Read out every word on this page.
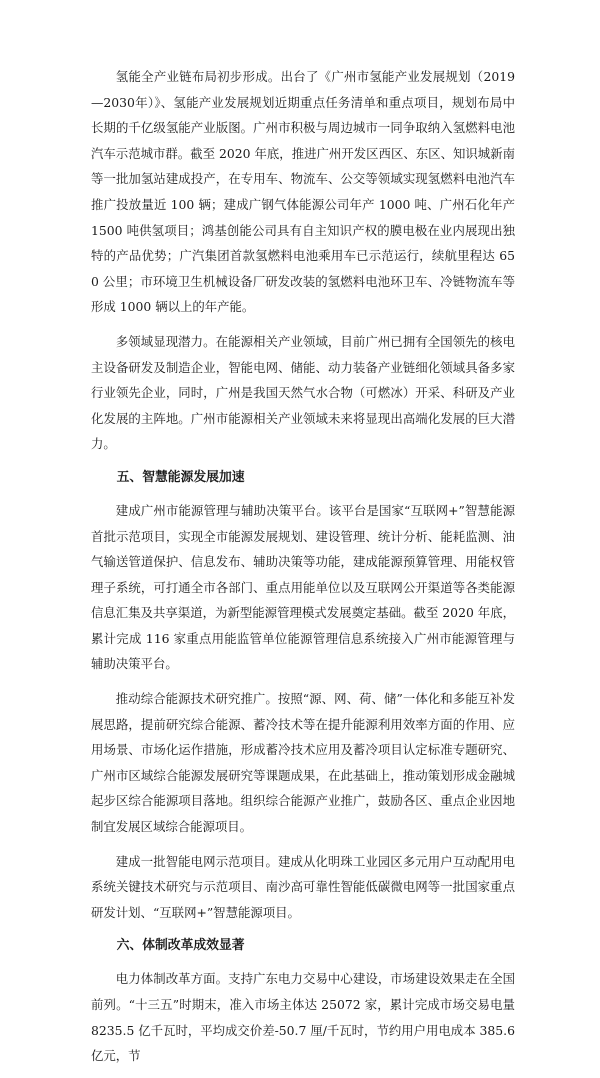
氢能全产业链布局初步形成。出台了《广州市氢能产业发展规划（2019—2030年）》、氢能产业发展规划近期重点任务清单和重点项目，规划布局中长期的千亿级氢能产业版图。广州市积极与周边城市一同争取纳入氢燃料电池汽车示范城市群。截至 2020 年底，推进广州开发区西区、东区、知识城新南等一批加氢站建成投产，在专用车、物流车、公交等领域实现氢燃料电池汽车推广投放量近 100 辆；建成广钢气体能源公司年产 1000 吨、广州石化年产 1500 吨供氢项目；鸿基创能公司具有自主知识产权的膜电极在业内展现出独特的产品优势；广汽集团首款氢燃料电池乘用车已示范运行，续航里程达 650 公里；市环境卫生机械设备厂研发改装的氢燃料电池环卫车、冷链物流车等形成 1000 辆以上的年产能。

多领域显现潜力。在能源相关产业领域，目前广州已拥有全国领先的核电主设备研发及制造企业，智能电网、储能、动力装备产业链细化领域具备多家行业领先企业，同时，广州是我国天然气水合物（可燃冰）开采、科研及产业化发展的主阵地。广州市能源相关产业领域未来将显现出高端化发展的巨大潜力。

五、智慧能源发展加速

建成广州市能源管理与辅助决策平台。该平台是国家“互联网+”智慧能源首批示范项目，实现全市能源发展规划、建设管理、统计分析、能耗监测、油气输送管道保护、信息发布、辅助决策等功能，建成能源预算管理、用能权管理子系统，可打通全市各部门、重点用能单位以及互联网公开渠道等各类能源信息汇集及共享渠道，为新型能源管理模式发展奠定基础。截至 2020 年底，累计完成 116 家重点用能监管单位能源管理信息系统接入广州市能源管理与辅助决策平台。

推动综合能源技术研究推广。按照“源、网、荷、储”一体化和多能互补发展思路，提前研究综合能源、蓄冷技术等在提升能源利用效率方面的作用、应用场景、市场化运作措施，形成蓄冷技术应用及蓄冷项目认定标准专题研究、广州市区域综合能源发展研究等课题成果，在此基础上，推动策划形成金融城起步区综合能源项目落地。组织综合能源产业推广，鼓励各区、重点企业因地制宜发展区域综合能源项目。

建成一批智能电网示范项目。建成从化明珠工业园区多元用户互动配用电系统关键技术研究与示范项目、南沙高可靠性智能低碳微电网等一批国家重点研发计划、“互联网+”智慧能源项目。

六、体制改革成效显著

电力体制改革方面。支持广东电力交易中心建设，市场建设效果走在全国前列。“十三五”时期末，准入市场主体达 25072 家，累计完成市场交易电量 8235.5 亿千瓦时，平均成交价差-50.7 厘/千瓦时，节约用户用电成本 385.6 亿元，节
